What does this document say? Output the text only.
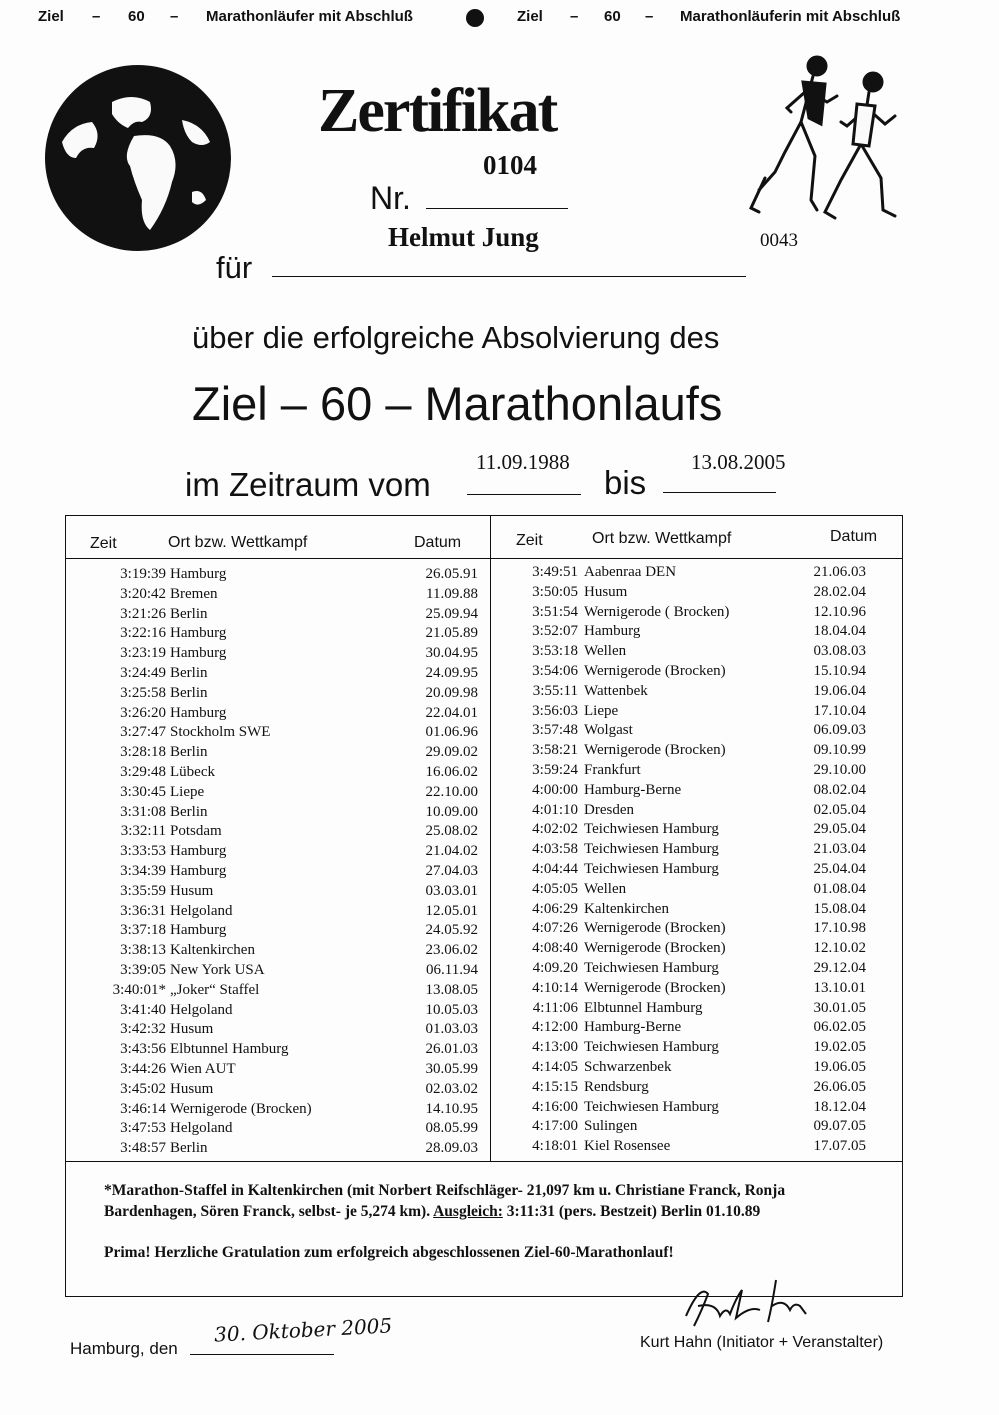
Ziel – 60 – Marathonläufer mit Abschluß	Ziel – 60 – Marathonläuferin mit Abschluß
Zertifikat
0104
Nr.
0043
Helmut Jung
für
über die erfolgreiche Absolvierung des
Ziel – 60 – Marathonlaufs
im Zeitraum vom
11.09.1988
bis
13.08.2005
Zeit	Ort bzw. Wettkampf	Datum	Zeit	Ort bzw. Wettkampf	Datum
3:19:39 Hamburg	26.05.91
3:20:42 Bremen	11.09.88
3:21:26 Berlin	25.09.94
3:22:16 Hamburg	21.05.89
3:23:19 Hamburg	30.04.95
3:24:49 Berlin	24.09.95
3:25:58 Berlin	20.09.98
3:26:20 Hamburg	22.04.01
3:27:47 Stockholm SWE	01.06.96
3:28:18 Berlin	29.09.02
3:29:48 Lübeck	16.06.02
3:30:45 Liepe	22.10.00
3:31:08 Berlin	10.09.00
3:32:11 Potsdam	25.08.02
3:33:53 Hamburg	21.04.02
3:34:39 Hamburg	27.04.03
3:35:59 Husum	03.03.01
3:36:31 Helgoland	12.05.01
3:37:18 Hamburg	24.05.92
3:38:13 Kaltenkirchen	23.06.02
3:39:05 New York USA	06.11.94
3:40:01* „Joker“ Staffel	13.08.05
3:41:40 Helgoland	10.05.03
3:42:32 Husum	01.03.03
3:43:56 Elbtunnel Hamburg	26.01.03
3:44:26 Wien AUT	30.05.99
3:45:02 Husum	02.03.02
3:46:14 Wernigerode (Brocken)	14.10.95
3:47:53 Helgoland	08.05.99
3:48:57 Berlin	28.09.03
3:49:51 Aabenraa DEN	21.06.03
3:50:05 Husum	28.02.04
3:51:54 Wernigerode ( Brocken)	12.10.96
3:52:07 Hamburg	18.04.04
3:53:18 Wellen	03.08.03
3:54:06 Wernigerode (Brocken)	15.10.94
3:55:11 Wattenbek	19.06.04
3:56:03 Liepe	17.10.04
3:57:48 Wolgast	06.09.03
3:58:21 Wernigerode (Brocken)	09.10.99
3:59:24 Frankfurt	29.10.00
4:00:00 Hamburg-Berne	08.02.04
4:01:10 Dresden	02.05.04
4:02:02 Teichwiesen Hamburg	29.05.04
4:03:58 Teichwiesen Hamburg	21.03.04
4:04:44 Teichwiesen Hamburg	25.04.04
4:05:05 Wellen	01.08.04
4:06:29 Kaltenkirchen	15.08.04
4:07:26 Wernigerode (Brocken)	17.10.98
4:08:40 Wernigerode (Brocken)	12.10.02
4:09.20 Teichwiesen Hamburg	29.12.04
4:10:14 Wernigerode (Brocken)	13.10.01
4:11:06 Elbtunnel Hamburg	30.01.05
4:12:00 Hamburg-Berne	06.02.05
4:13:00 Teichwiesen Hamburg	19.02.05
4:14:05 Schwarzenbek	19.06.05
4:15:15 Rendsburg	26.06.05
4:16:00 Teichwiesen Hamburg	18.12.04
4:17:00 Sulingen	09.07.05
4:18:01 Kiel Rosensee	17.07.05
*Marathon-Staffel in Kaltenkirchen (mit Norbert Reifschläger- 21,097 km u. Christiane Franck, Ronja
Bardenhagen, Sören Franck, selbst- je 5,274 km). Ausgleich: 3:11:31 (pers. Bestzeit) Berlin 01.10.89
Prima! Herzliche Gratulation zum erfolgreich abgeschlossenen Ziel-60-Marathonlauf!
Hamburg, den
30. Oktober 2005	Kurt Hahn (Initiator + Veranstalter)
